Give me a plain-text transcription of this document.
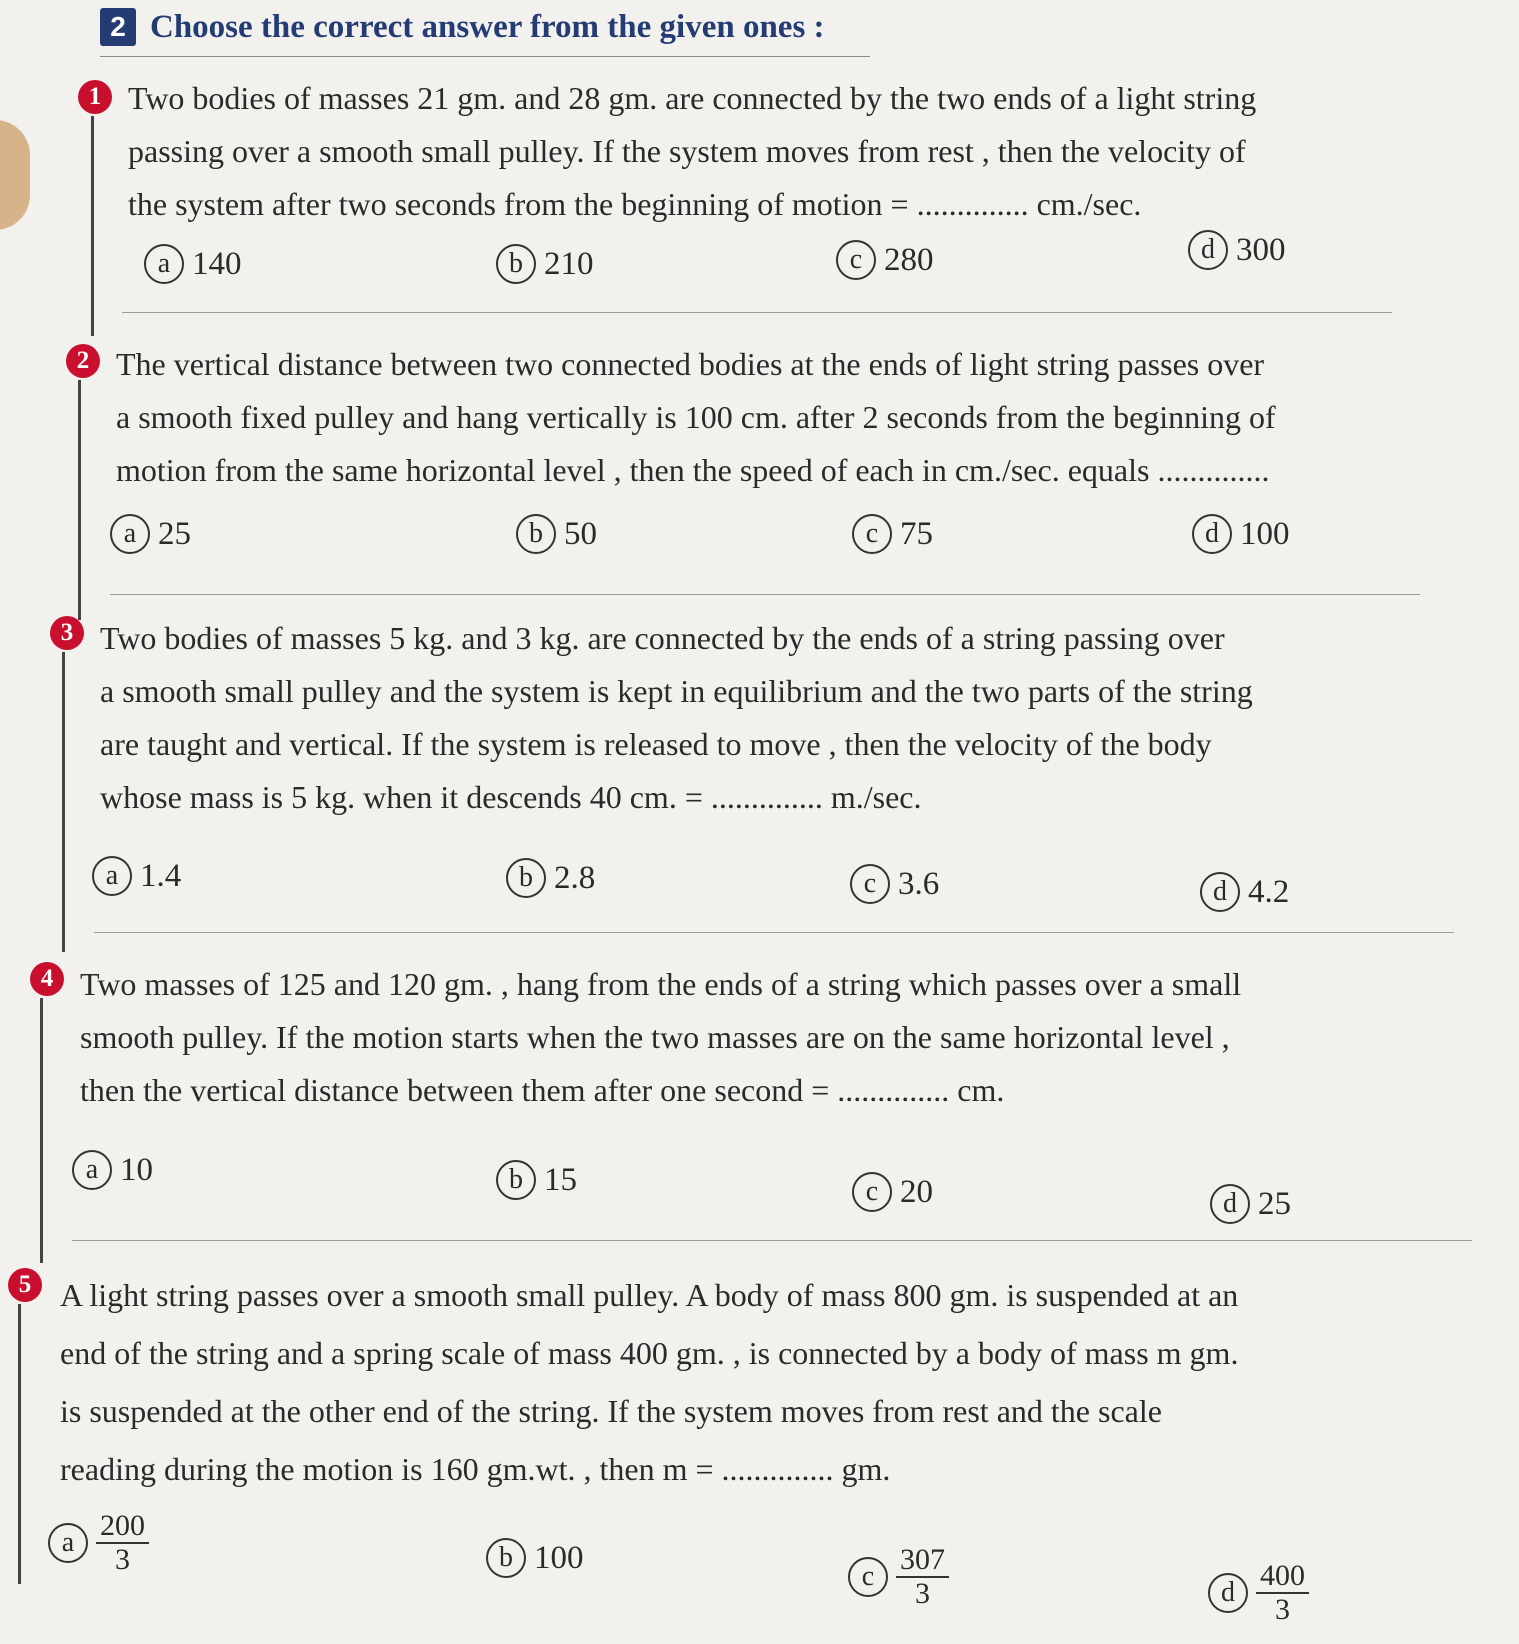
2 Choose the correct answer from the given ones :
1 Two bodies of masses 21 gm. and 28 gm. are connected by the two ends of a light string
passing over a smooth small pulley. If the system moves from rest , then the velocity of
the system after two seconds from the beginning of motion = .............. cm./sec.
a 140	b 210	c 280	d 300
2 The vertical distance between two connected bodies at the ends of light string passes over
a smooth fixed pulley and hang vertically is 100 cm. after 2 seconds from the beginning of
motion from the same horizontal level , then the speed of each in cm./sec. equals ..............
a 25	b 50	c 75	d 100
3 Two bodies of masses 5 kg. and 3 kg. are connected by the ends of a string passing over
a smooth small pulley and the system is kept in equilibrium and the two parts of the string
are taught and vertical. If the system is released to move , then the velocity of the body
whose mass is 5 kg. when it descends 40 cm. = .............. m./sec.
a 1.4	b 2.8	c 3.6	d 4.2
4 Two masses of 125 and 120 gm. , hang from the ends of a string which passes over a small
smooth pulley. If the motion starts when the two masses are on the same horizontal level ,
then the vertical distance between them after one second = .............. cm.
a 10	b 15	c 20	d 25
5 A light string passes over a smooth small pulley. A body of mass 800 gm. is suspended at an
end of the string and a spring scale of mass 400 gm. , is connected by a body of mass m gm.
is suspended at the other end of the string. If the system moves from rest and the scale
reading during the motion is 160 gm.wt. , then m = .............. gm.
a $\frac{200}{3}$	b 100
c $\frac{307}{3}$	d $\frac{400}{3}$
